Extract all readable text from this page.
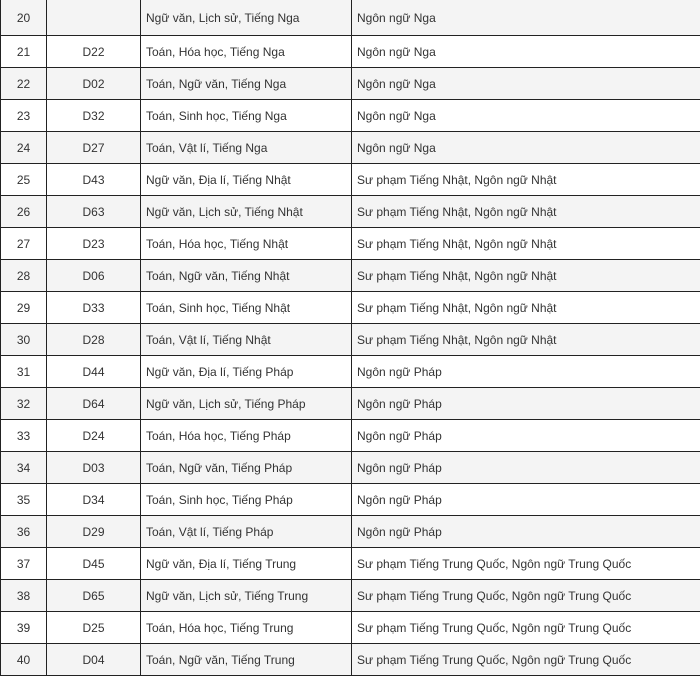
20		Ngữ văn, Lịch sử, Tiếng Nga	Ngôn ngữ Nga
21	D22	Toán, Hóa học, Tiếng Nga	Ngôn ngữ Nga
22	D02	Toán, Ngữ văn, Tiếng Nga	Ngôn ngữ Nga
23	D32	Toán, Sinh học, Tiếng Nga	Ngôn ngữ Nga
24	D27	Toán, Vật lí, Tiếng Nga	Ngôn ngữ Nga
25	D43	Ngữ văn, Địa lí, Tiếng Nhật	Sư phạm Tiếng Nhật, Ngôn ngữ Nhật
26	D63	Ngữ văn, Lịch sử, Tiếng Nhật	Sư phạm Tiếng Nhật, Ngôn ngữ Nhật
27	D23	Toán, Hóa học, Tiếng Nhật	Sư phạm Tiếng Nhật, Ngôn ngữ Nhật
28	D06	Toán, Ngữ văn, Tiếng Nhật	Sư phạm Tiếng Nhật, Ngôn ngữ Nhật
29	D33	Toán, Sinh học, Tiếng Nhật	Sư phạm Tiếng Nhật, Ngôn ngữ Nhật
30	D28	Toán, Vật lí, Tiếng Nhật	Sư phạm Tiếng Nhật, Ngôn ngữ Nhật
31	D44	Ngữ văn, Địa lí, Tiếng Pháp	Ngôn ngữ Pháp
32	D64	Ngữ văn, Lịch sử, Tiếng Pháp	Ngôn ngữ Pháp
33	D24	Toán, Hóa học, Tiếng Pháp	Ngôn ngữ Pháp
34	D03	Toán, Ngữ văn, Tiếng Pháp	Ngôn ngữ Pháp
35	D34	Toán, Sinh học, Tiếng Pháp	Ngôn ngữ Pháp
36	D29	Toán, Vật lí, Tiếng Pháp	Ngôn ngữ Pháp
37	D45	Ngữ văn, Địa lí, Tiếng Trung	Sư phạm Tiếng Trung Quốc, Ngôn ngữ Trung Quốc
38	D65	Ngữ văn, Lịch sử, Tiếng Trung	Sư phạm Tiếng Trung Quốc, Ngôn ngữ Trung Quốc
39	D25	Toán, Hóa học, Tiếng Trung	Sư phạm Tiếng Trung Quốc, Ngôn ngữ Trung Quốc
40	D04	Toán, Ngữ văn, Tiếng Trung	Sư phạm Tiếng Trung Quốc, Ngôn ngữ Trung Quốc
